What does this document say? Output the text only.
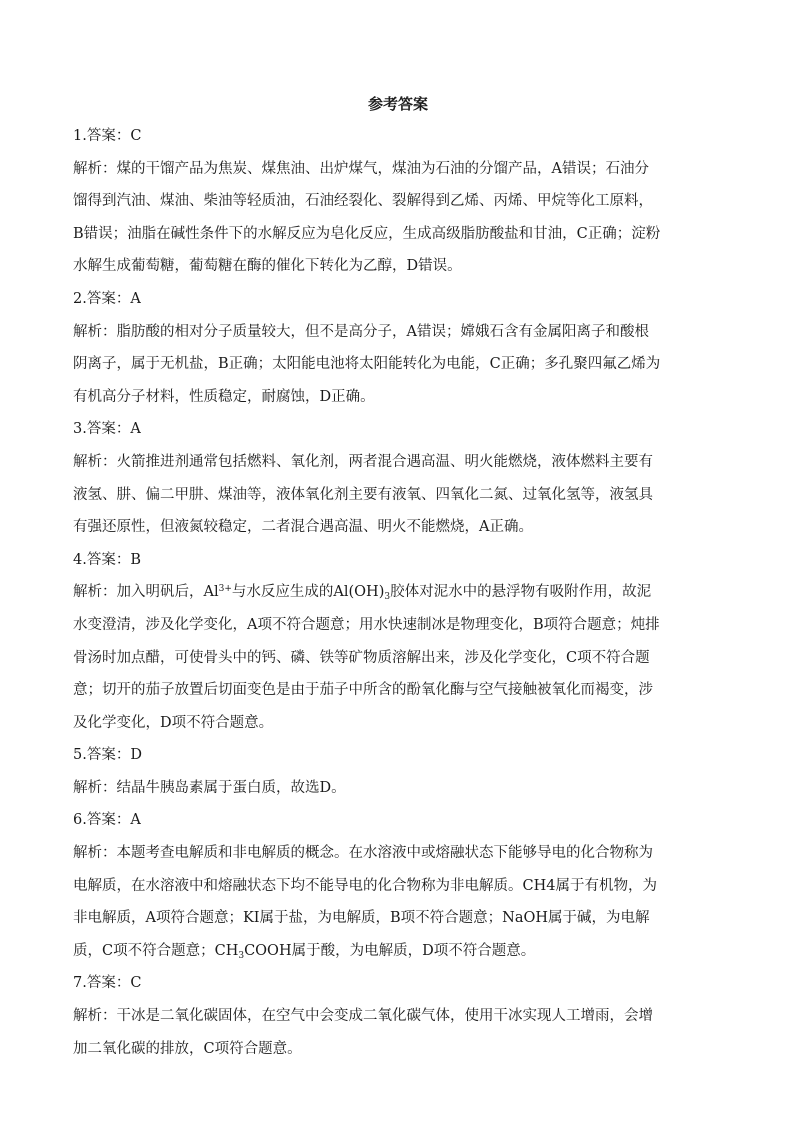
参考答案
1.答案：C
解析：煤的干馏产品为焦炭、煤焦油、出炉煤气，煤油为石油的分馏产品，A错误；石油分
馏得到汽油、煤油、柴油等轻质油，石油经裂化、裂解得到乙烯、丙烯、甲烷等化工原料，
B错误；油脂在碱性条件下的水解反应为皂化反应，生成高级脂肪酸盐和甘油，C正确；淀粉
水解生成葡萄糖，葡萄糖在酶的催化下转化为乙醇，D错误。
2.答案：A
解析：脂肪酸的相对分子质量较大，但不是高分子，A错误；嫦娥石含有金属阳离子和酸根
阴离子，属于无机盐，B正确；太阳能电池将太阳能转化为电能，C正确；多孔聚四氟乙烯为
有机高分子材料，性质稳定，耐腐蚀，D正确。
3.答案：A
解析：火箭推进剂通常包括燃料、氧化剂，两者混合遇高温、明火能燃烧，液体燃料主要有
液氢、肼、偏二甲肼、煤油等，液体氧化剂主要有液氧、四氧化二氮、过氧化氢等，液氢具
有强还原性，但液氮较稳定，二者混合遇高温、明火不能燃烧，A正确。
4.答案：B
解析：加入明矾后，$Al^{3+}$与水反应生成的$Al(OH)_3$胶体对泥水中的悬浮物有吸附作用，故泥
水变澄清，涉及化学变化，A项不符合题意；用水快速制冰是物理变化，B项符合题意；炖排
骨汤时加点醋，可使骨头中的钙、磷、铁等矿物质溶解出来，涉及化学变化，C项不符合题
意；切开的茄子放置后切面变色是由于茄子中所含的酚氧化酶与空气接触被氧化而褐变，涉
及化学变化，D项不符合题意。
5.答案：D
解析：结晶牛胰岛素属于蛋白质，故选D。
6.答案：A
解析：本题考查电解质和非电解质的概念。在水溶液中或熔融状态下能够导电的化合物称为
电解质，在水溶液中和熔融状态下均不能导电的化合物称为非电解质。CH4属于有机物，为
非电解质，A项符合题意；KI属于盐，为电解质，B项不符合题意；NaOH属于碱，为电解
质，C项不符合题意；$CH_3COOH$属于酸，为电解质，D项不符合题意。
7.答案：C
解析：干冰是二氧化碳固体，在空气中会变成二氧化碳气体，使用干冰实现人工增雨，会增
加二氧化碳的排放，C项符合题意。
